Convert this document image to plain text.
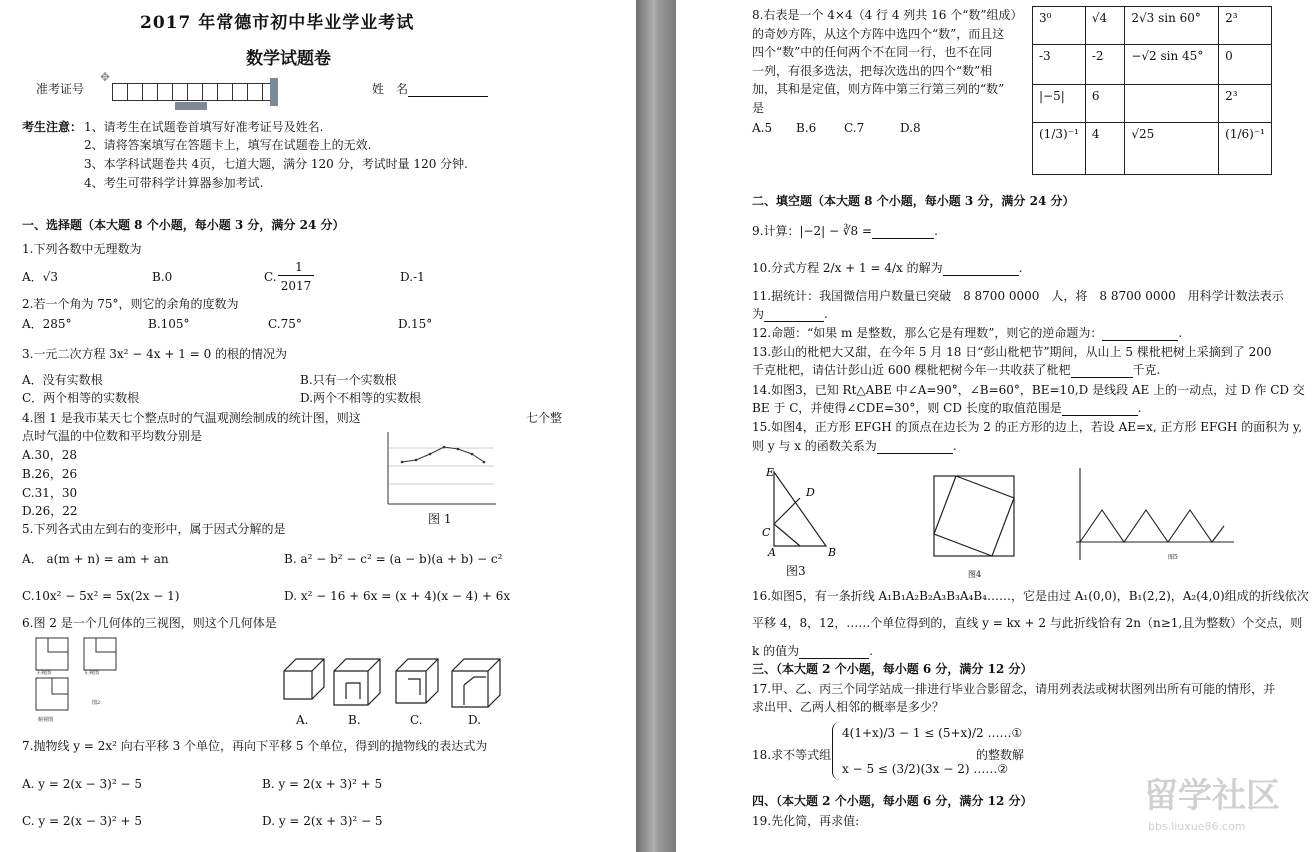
2017 年常德市初中毕业学业考试
数学试题卷
准考证号
✥
姓　名
考生注意： 1、请考生在试题卷首填写好准考证号及姓名.
2、请将答案填写在答题卡上，填写在试题卷上的无效.
3、本学科试题卷共 4页，七道大题，满分 120 分，考试时量 120 分钟.
4、考生可带科学计算器参加考试.
一、选择题（本大题 8 个小题，每小题 3 分，满分 24 分）
1.下列各数中无理数为
A．√3	B.0	C.
1
2017
D.-1
2.若一个角为 75°，则它的余角的度数为
A．285°	B.105°	C.75°	D.15°
3.一元二次方程 3x² − 4x + 1 = 0 的根的情况为
A．没有实数根	B.只有一个实数根
C．两个相等的实数根	D.两个不相等的实数根
4.图 1 是我市某天七个整点时的气温观测绘制成的统计图，则这	七个整
点时气温的中位数和平均数分别是
A.30，28
B.26，26
C.31，30
D.26，22
图 1
5.下列各式由左到右的变形中，属于因式分解的是
A． a(m + n) = am + an	B. a² − b² − c² = (a − b)(a + b) − c²
C.10x² − 5x² = 5x(2x − 1)	D. x² − 16 + 6x = (x + 4)(x − 4) + 6x
6.图 2 是一个几何体的三视图，则这个几何体是
主视图	左视图
俯视图
图2
A.	B.	C.	D.
7.抛物线 y = 2x² 向右平移 3 个单位，再向下平移 5 个单位，得到的抛物线的表达式为
A. y = 2(x − 3)² − 5	B. y = 2(x + 3)² + 5
C. y = 2(x − 3)² + 5	D. y = 2(x + 3)² − 5
8.右表是一个 4×4（4 行 4 列共 16 个“数”组成）
的奇妙方阵，从这个方阵中选四个“数”，而且这
四个“数”中的任何两个不在同一行，也不在同
一列，有很多选法，把每次选出的四个“数”相
加，其和是定值，则方阵中第三行第三列的“数”
是
A.5 B.6 C.7	D.8
3⁰	√4	2√3 sin 60°	2³
-3	-2	−√2 sin 45°	0
|−5|	6		2³
(1/3)⁻¹	4	√25	(1/6)⁻¹
二、填空题（本大题 8 个小题，每小题 3 分，满分 24 分）
9.计算：|−2| − ∛8 =	.
10.分式方程 2/x + 1 = 4/x 的解为	.
11.据统计：我国微信用户数量已突破　8 8700 0000　人，将　8 8700 0000　用科学计数法表示
为	.
12.命题：“如果 m 是整数，那么它是有理数”，则它的逆命题为：	.
13.彭山的枇杷大又甜，在今年 5 月 18 日“彭山枇杷节”期间，从山上 5 棵枇杷树上采摘到了 200
千克枇杷，请估计彭山近 600 棵枇杷树今年一共收获了枇杷	千克.
14.如图3，已知 Rt△ABE 中∠A=90°，∠B=60°，BE=10,D 是线段 AE 上的一动点，过 D 作 CD 交
BE 于 C，并使得∠CDE=30°，则 CD 长度的取值范围是	.
15.如图4，正方形 EFGH 的顶点在边长为 2 的正方形的边上，若设 AE=x, 正方形 EFGH 的面积为 y,
则 y 与 x 的函数关系为	.
E
D
C
A	B
图3	图4
图5
16.如图5，有一条折线 A₁B₁A₂B₂A₃B₃A₄B₄……，它是由过 A₁(0,0)，B₁(2,2)，A₂(4,0)组成的折线依次
平移 4，8，12，……个单位得到的，直线 y = kx + 2 与此折线恰有 2n（n≥1,且为整数）个交点，则
k 的值为	.
三、（本大题 2 个小题，每小题 6 分，满分 12 分）
17.甲、乙、丙三个同学站成一排进行毕业合影留念，请用列表法或树状图列出所有可能的情形，并
求出甲、乙两人相邻的概率是多少？
18.求不等式组
4(1+x)/3 − 1 ≤ (5+x)/2 ……①
x − 5 ≤ (3/2)(3x − 2) ……②
的整数解
四、（本大题 2 个小题，每小题 6 分，满分 12 分）
19.先化简，再求值:
留学社区
bbs.liuxue86.com
